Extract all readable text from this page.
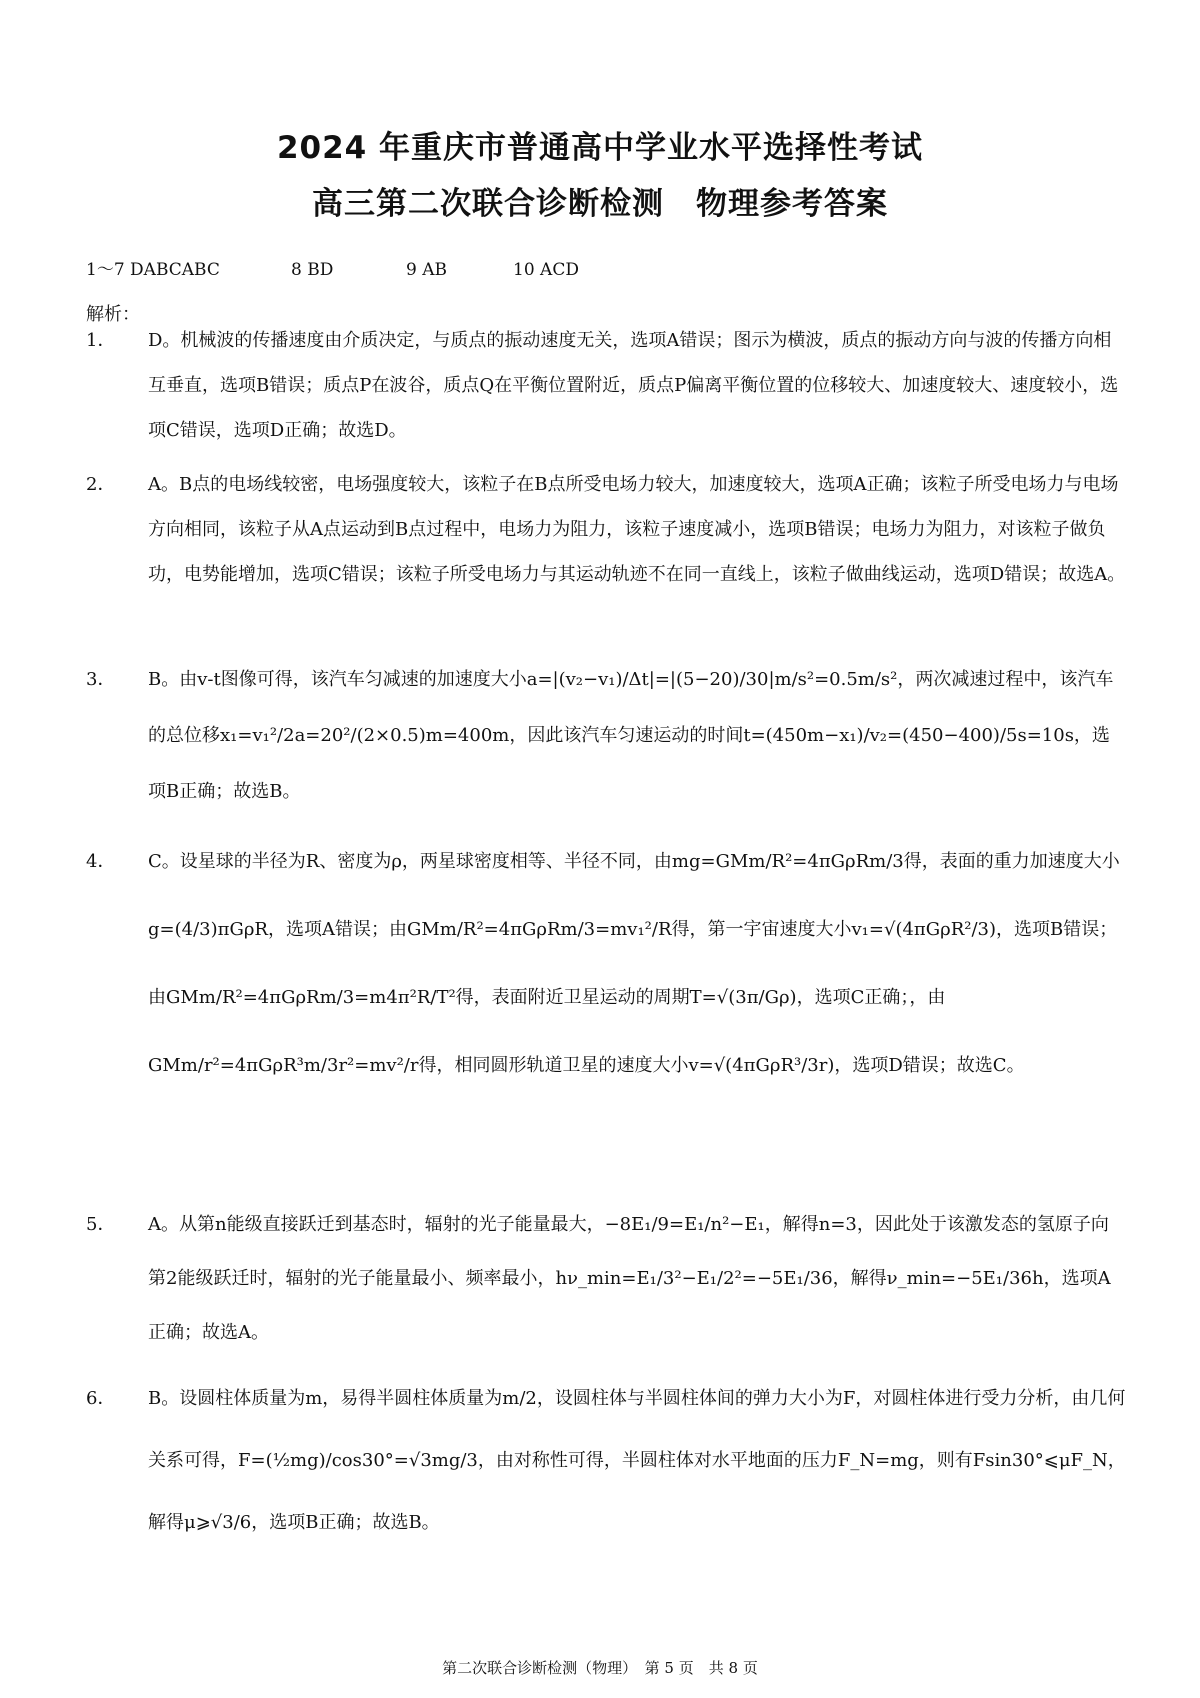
2024 年重庆市普通高中学业水平选择性考试
高三第二次联合诊断检测　物理参考答案
1～7 DABCABC	8 BD	9 AB	10 ACD
解析：
1． D。机械波的传播速度由介质决定，与质点的振动速度无关，选项A错误；图示为横波，质点的振动方向与波的传播方向相互垂直，选项B错误；质点P在波谷，质点Q在平衡位置附近，质点P偏离平衡位置的位移较大、加速度较大、速度较小，选项C错误，选项D正确；故选D。

2． A。B点的电场线较密，电场强度较大，该粒子在B点所受电场力较大，加速度较大，选项A正确；该粒子所受电场力与电场方向相同，该粒子从A点运动到B点过程中，电场力为阻力，该粒子速度减小，选项B错误；电场力为阻力，对该粒子做负功，电势能增加，选项C错误；该粒子所受电场力与其运动轨迹不在同一直线上，该粒子做曲线运动，选项D错误；故选A。

3． B。由v-t图像可得，该汽车匀减速的加速度大小a=|(v₂−v₁)/Δt|=|(5−20)/30|m/s²=0.5m/s²，两次减速过程中，该汽车的总位移x₁=v₁²/2a=20²/(2×0.5)m=400m，因此该汽车匀速运动的时间t=(450m−x₁)/v₂=(450−400)/5s=10s，选项B正确；故选B。

4． C。设星球的半径为R、密度为ρ，两星球密度相等、半径不同，由mg=GMm/R²=4πGρRm/3得，表面的重力加速度大小g=(4/3)πGρR，选项A错误；由GMm/R²=4πGρRm/3=mv₁²/R得，第一宇宙速度大小v₁=√(4πGρR²/3)，选项B错误；由GMm/R²=4πGρRm/3=m4π²R/T²得，表面附近卫星运动的周期T=√(3π/Gρ)，选项C正确；，由GMm/r²=4πGρR³m/3r²=mv²/r得，相同圆形轨道卫星的速度大小v=√(4πGρR³/3r)，选项D错误；故选C。

5． A。从第n能级直接跃迁到基态时，辐射的光子能量最大，−8E₁/9=E₁/n²−E₁，解得n=3，因此处于该激发态的氢原子向第2能级跃迁时，辐射的光子能量最小、频率最小，hν_min=E₁/3²−E₁/2²=−5E₁/36，解得ν_min=−5E₁/36h，选项A正确；故选A。

6． B。设圆柱体质量为m，易得半圆柱体质量为m/2，设圆柱体与半圆柱体间的弹力大小为F，对圆柱体进行受力分析，由几何关系可得，F=(½mg)/cos30°=√3mg/3，由对称性可得，半圆柱体对水平地面的压力F_N=mg，则有Fsin30°⩽μF_N，解得μ⩾√3/6，选项B正确；故选B。

第二次联合诊断检测（物理）　第 5 页　共 8 页
